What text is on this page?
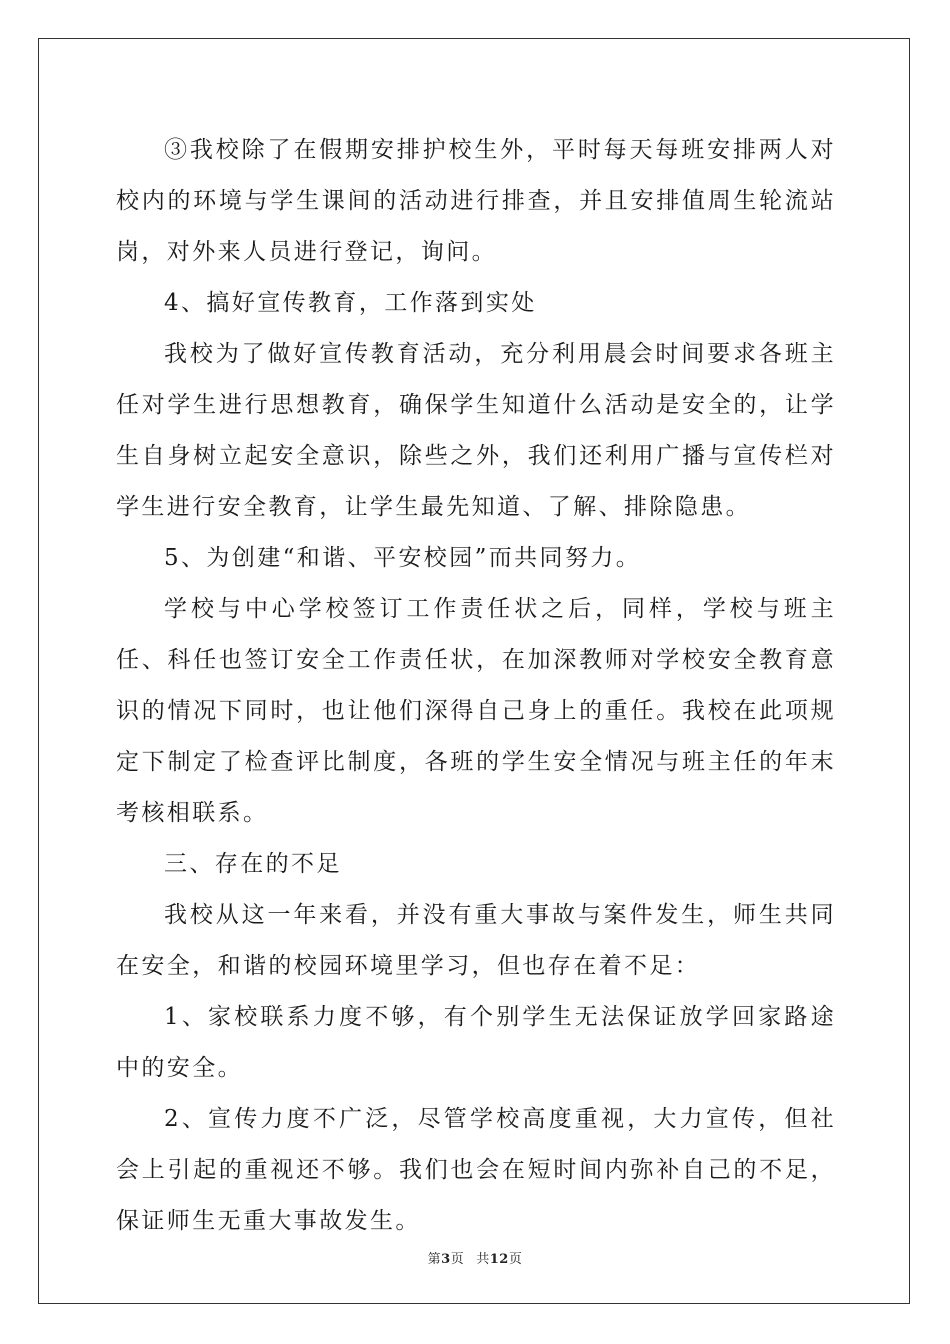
③我校除了在假期安排护校生外，平时每天每班安排两人对校内的环境与学生课间的活动进行排查，并且安排值周生轮流站岗，对外来人员进行登记，询问。

4、搞好宣传教育，工作落到实处

我校为了做好宣传教育活动，充分利用晨会时间要求各班主任对学生进行思想教育，确保学生知道什么活动是安全的，让学生自身树立起安全意识，除些之外，我们还利用广播与宣传栏对学生进行安全教育，让学生最先知道、了解、排除隐患。

5、为创建“和谐、平安校园”而共同努力。

学校与中心学校签订工作责任状之后，同样，学校与班主任、科任也签订安全工作责任状，在加深教师对学校安全教育意识的情况下同时，也让他们深得自己身上的重任。我校在此项规定下制定了检查评比制度，各班的学生安全情况与班主任的年末考核相联系。

三、存在的不足

我校从这一年来看，并没有重大事故与案件发生，师生共同在安全，和谐的校园环境里学习，但也存在着不足：

1、家校联系力度不够，有个别学生无法保证放学回家路途中的安全。

2、宣传力度不广泛，尽管学校高度重视，大力宣传，但社会上引起的重视还不够。我们也会在短时间内弥补自己的不足，保证师生无重大事故发生。

第3页 共12页
